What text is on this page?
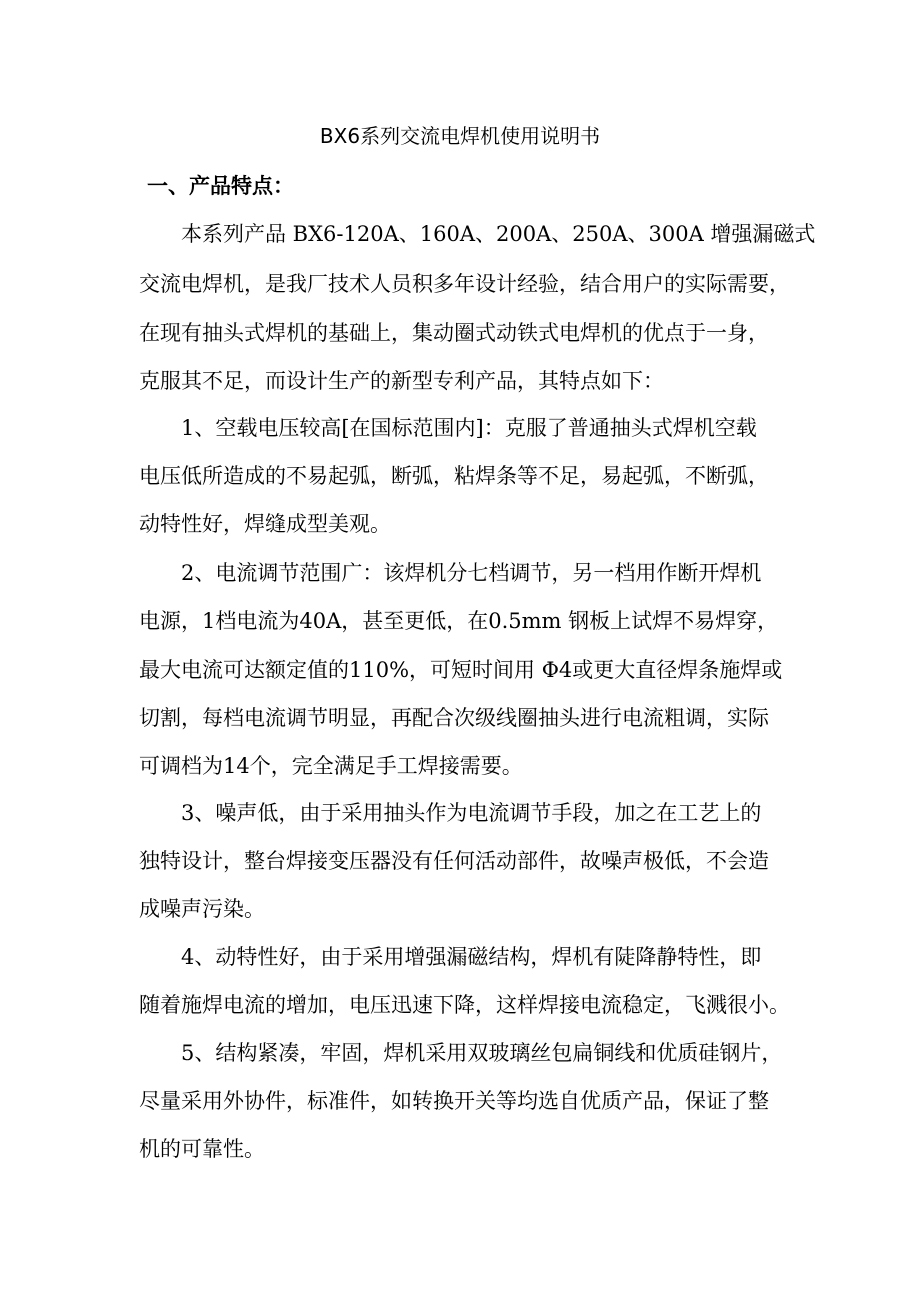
BX6系列交流电焊机使用说明书
一、产品特点：
本系列产品 BX6-120A、160A、200A、250A、300A 增强漏磁式
交流电焊机，是我厂技术人员积多年设计经验，结合用户的实际需要，
在现有抽头式焊机的基础上，集动圈式动铁式电焊机的优点于一身，
克服其不足，而设计生产的新型专利产品，其特点如下：
1、空载电压较高[在国标范围内]：克服了普通抽头式焊机空载
电压低所造成的不易起弧，断弧，粘焊条等不足，易起弧，不断弧，
动特性好，焊缝成型美观。
2、电流调节范围广：该焊机分七档调节，另一档用作断开焊机
电源，1档电流为40A，甚至更低，在0.5mm 钢板上试焊不易焊穿，
最大电流可达额定值的110%，可短时间用 Φ4或更大直径焊条施焊或
切割，每档电流调节明显，再配合次级线圈抽头进行电流粗调，实际
可调档为14个，完全满足手工焊接需要。
3、噪声低，由于采用抽头作为电流调节手段，加之在工艺上的
独特设计，整台焊接变压器没有任何活动部件，故噪声极低，不会造
成噪声污染。
4、动特性好，由于采用增强漏磁结构，焊机有陡降静特性，即
随着施焊电流的增加，电压迅速下降，这样焊接电流稳定，飞溅很小。
5、结构紧凑，牢固，焊机采用双玻璃丝包扁铜线和优质硅钢片，
尽量采用外协件，标准件，如转换开关等均选自优质产品，保证了整
机的可靠性。
